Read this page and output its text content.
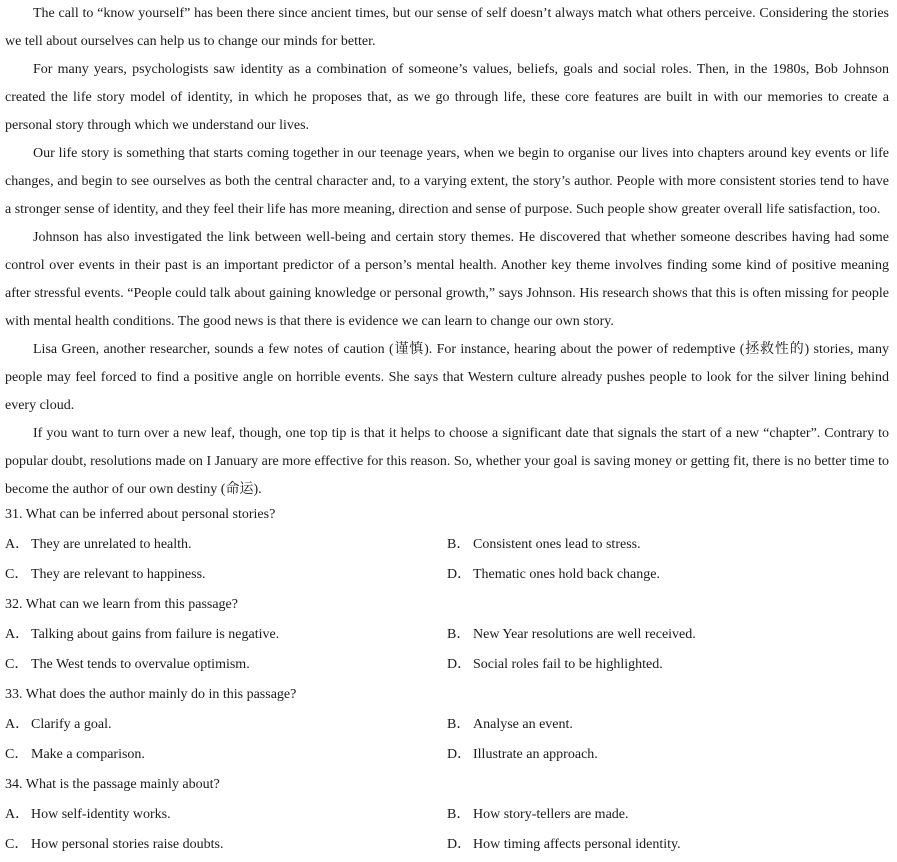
The call to “know yourself” has been there since ancient times, but our sense of self doesn’t always match what others perceive. Considering the stories we tell about ourselves can help us to change our minds for better.

For many years, psychologists saw identity as a combination of someone’s values, beliefs, goals and social roles. Then, in the 1980s, Bob Johnson created the life story model of identity, in which he proposes that, as we go through life, these core features are built in with our memories to create a personal story through which we understand our lives.

Our life story is something that starts coming together in our teenage years, when we begin to organise our lives into chapters around key events or life changes, and begin to see ourselves as both the central character and, to a varying extent, the story’s author. People with more consistent stories tend to have a stronger sense of identity, and they feel their life has more meaning, direction and sense of purpose. Such people show greater overall life satisfaction, too.

Johnson has also investigated the link between well-being and certain story themes. He discovered that whether someone describes having had some control over events in their past is an important predictor of a person’s mental health. Another key theme involves finding some kind of positive meaning after stressful events. “People could talk about gaining knowledge or personal growth,” says Johnson. His research shows that this is often missing for people with mental health conditions. The good news is that there is evidence we can learn to change our own story.

Lisa Green, another researcher, sounds a few notes of caution (谨慎). For instance, hearing about the power of redemptive (拯救性的) stories, many people may feel forced to find a positive angle on horrible events. She says that Western culture already pushes people to look for the silver lining behind every cloud.

If you want to turn over a new leaf, though, one top tip is that it helps to choose a significant date that signals the start of a new “chapter”. Contrary to popular doubt, resolutions made on I January are more effective for this reason. So, whether your goal is saving money or getting fit, there is no better time to become the author of our own destiny (命运).

31. What can be inferred about personal stories?
A． They are unrelated to health.	B． Consistent ones lead to stress.
C． They are relevant to happiness.	D． Thematic ones hold back change.
32. What can we learn from this passage?
A． Talking about gains from failure is negative.	B． New Year resolutions are well received.
C． The West tends to overvalue optimism.	D． Social roles fail to be highlighted.
33. What does the author mainly do in this passage?
A． Clarify a goal.	B． Analyse an event.
C． Make a comparison.	D． Illustrate an approach.
34. What is the passage mainly about?
A． How self-identity works.	B． How story-tellers are made.
C． How personal stories raise doubts.	D． How timing affects personal identity.
